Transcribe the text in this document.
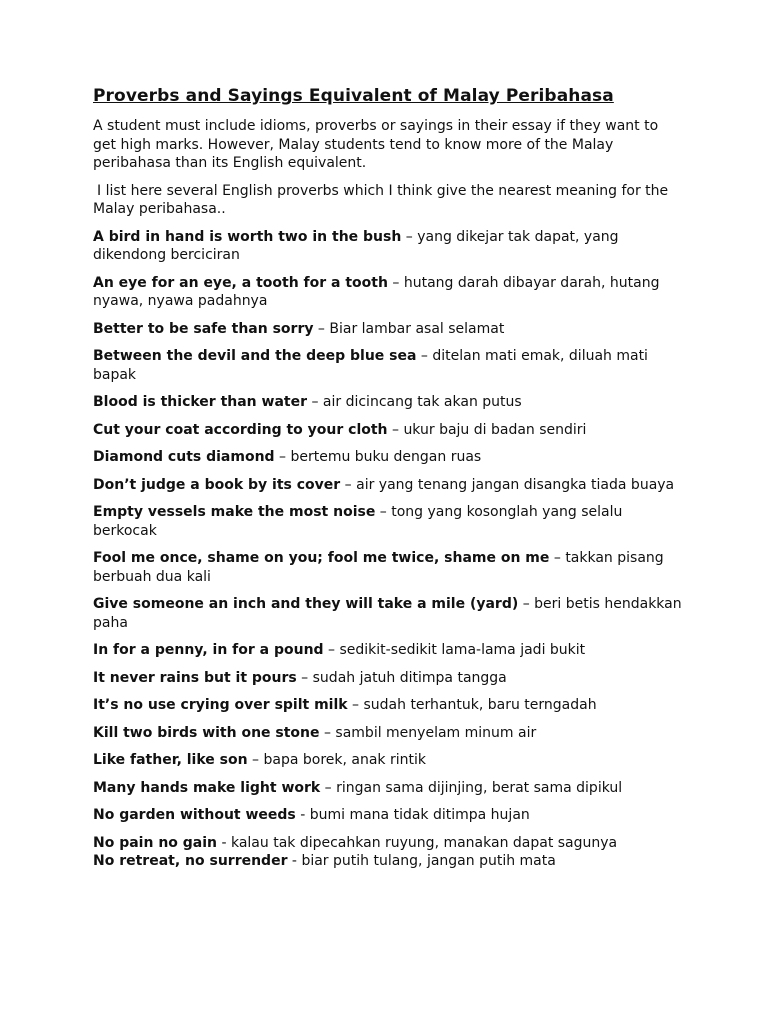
Proverbs and Sayings Equivalent of Malay Peribahasa

A student must include idioms, proverbs or sayings in their essay if they want to get high marks. However, Malay students tend to know more of the Malay peribahasa than its English equivalent.

I list here several English proverbs which I think give the nearest meaning for the Malay peribahasa..

A bird in hand is worth two in the bush – yang dikejar tak dapat, yang dikendong berciciran

An eye for an eye, a tooth for a tooth – hutang darah dibayar darah, hutang nyawa, nyawa padahnya

Better to be safe than sorry – Biar lambar asal selamat

Between the devil and the deep blue sea – ditelan mati emak, diluah mati bapak

Blood is thicker than water – air dicincang tak akan putus

Cut your coat according to your cloth – ukur baju di badan sendiri

Diamond cuts diamond – bertemu buku dengan ruas

Don’t judge a book by its cover – air yang tenang jangan disangka tiada buaya

Empty vessels make the most noise – tong yang kosonglah yang selalu berkocak

Fool me once, shame on you; fool me twice, shame on me – takkan pisang berbuah dua kali

Give someone an inch and they will take a mile (yard) – beri betis hendakkan paha

In for a penny, in for a pound – sedikit-sedikit lama-lama jadi bukit

It never rains but it pours – sudah jatuh ditimpa tangga

It’s no use crying over spilt milk – sudah terhantuk, baru terngadah

Kill two birds with one stone – sambil menyelam minum air

Like father, like son – bapa borek, anak rintik

Many hands make light work – ringan sama dijinjing, berat sama dipikul

No garden without weeds - bumi mana tidak ditimpa hujan

No pain no gain - kalau tak dipecahkan ruyung, manakan dapat sagunya

No retreat, no surrender - biar putih tulang, jangan putih mata
